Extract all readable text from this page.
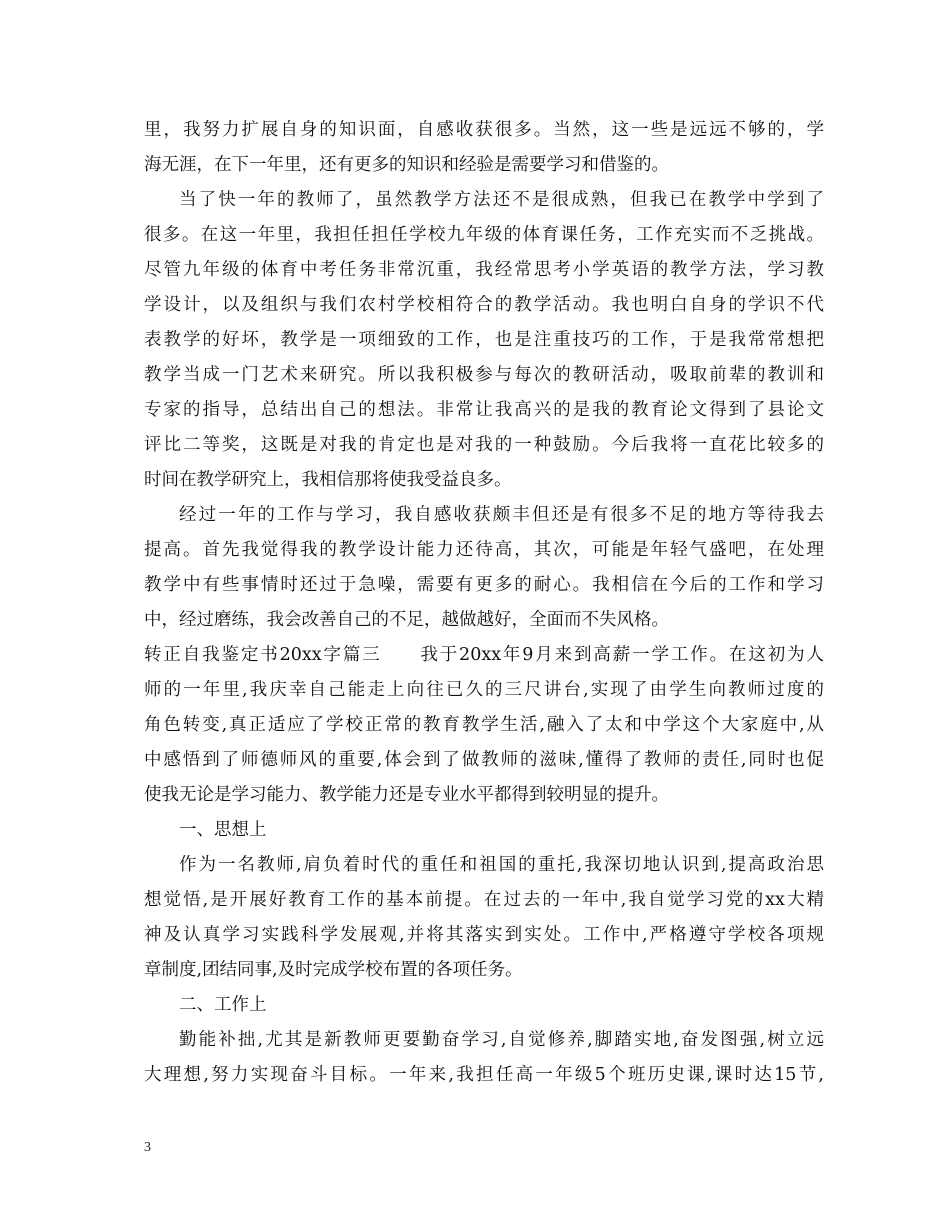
里，我努力扩展自身的知识面，自感收获很多。当然，这一些是远远不够的，学
海无涯，在下一年里，还有更多的知识和经验是需要学习和借鉴的。
当了快一年的教师了，虽然教学方法还不是很成熟，但我已在教学中学到了
很多。在这一年里，我担任担任学校九年级的体育课任务，工作充实而不乏挑战。
尽管九年级的体育中考任务非常沉重，我经常思考小学英语的教学方法，学习教
学设计，以及组织与我们农村学校相符合的教学活动。我也明白自身的学识不代
表教学的好坏，教学是一项细致的工作，也是注重技巧的工作，于是我常常想把
教学当成一门艺术来研究。所以我积极参与每次的教研活动，吸取前辈的教训和
专家的指导，总结出自己的想法。非常让我高兴的是我的教育论文得到了县论文
评比二等奖，这既是对我的肯定也是对我的一种鼓励。今后我将一直花比较多的
时间在教学研究上，我相信那将使我受益良多。
经过一年的工作与学习，我自感收获颇丰但还是有很多不足的地方等待我去
提高。首先我觉得我的教学设计能力还待高，其次，可能是年轻气盛吧，在处理
教学中有些事情时还过于急噪，需要有更多的耐心。我相信在今后的工作和学习
中，经过磨练，我会改善自己的不足，越做越好，全面而不失风格。
转正自我鉴定书20xx字篇三　　我于20xx年9月来到高薪一学工作。在这初为人
师的一年里,我庆幸自己能走上向往已久的三尺讲台,实现了由学生向教师过度的
角色转变,真正适应了学校正常的教育教学生活,融入了太和中学这个大家庭中,从
中感悟到了师德师风的重要,体会到了做教师的滋味,懂得了教师的责任,同时也促
使我无论是学习能力、教学能力还是专业水平都得到较明显的提升。
一、思想上
作为一名教师,肩负着时代的重任和祖国的重托,我深切地认识到,提高政治思
想觉悟,是开展好教育工作的基本前提。在过去的一年中,我自觉学习党的xx大精
神及认真学习实践科学发展观,并将其落实到实处。工作中,严格遵守学校各项规
章制度,团结同事,及时完成学校布置的各项任务。
二、工作上
勤能补拙,尤其是新教师更要勤奋学习,自觉修养,脚踏实地,奋发图强,树立远
大理想,努力实现奋斗目标。一年来,我担任高一年级5个班历史课,课时达15节,
3
